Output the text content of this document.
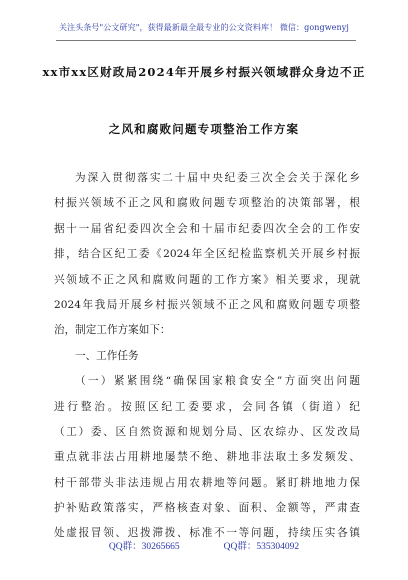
关注头条号"公文研究"，获得最新最全最专业的公文资料库！ 微信：gongwenyj
xx市xx区财政局2024年开展乡村振兴领域群众身边不正
之风和腐败问题专项整治工作方案
为深入贯彻落实二十届中央纪委三次全会关于深化乡
村振兴领域不正之风和腐败问题专项整治的决策部署，根
据十一届省纪委四次全会和十届市纪委四次全会的工作安
排，结合区纪工委《2024年全区纪检监察机关开展乡村振
兴领域不正之风和腐败问题的工作方案》相关要求，现就
2024年我局开展乡村振兴领域不正之风和腐败问题专项整
治，制定工作方案如下：
一、工作任务
（一）紧紧围绕“确保国家粮食安全”方面突出问题
进行整治。按照区纪工委要求，会同各镇（街道）纪
（工）委、区自然资源和规划分局、区农综办、区发改局
重点就非法占用耕地屡禁不绝、耕地非法取土多发频发、
村干部带头非法违规占用农耕地等问题。紧盯耕地地力保
护补贴政策落实，严格核查对象、面积、金额等，严肃查
处虚报冒领、迟拨滞拨、标准不一等问题，持续压实各镇
QQ群：30265665	QQ群：535304092
